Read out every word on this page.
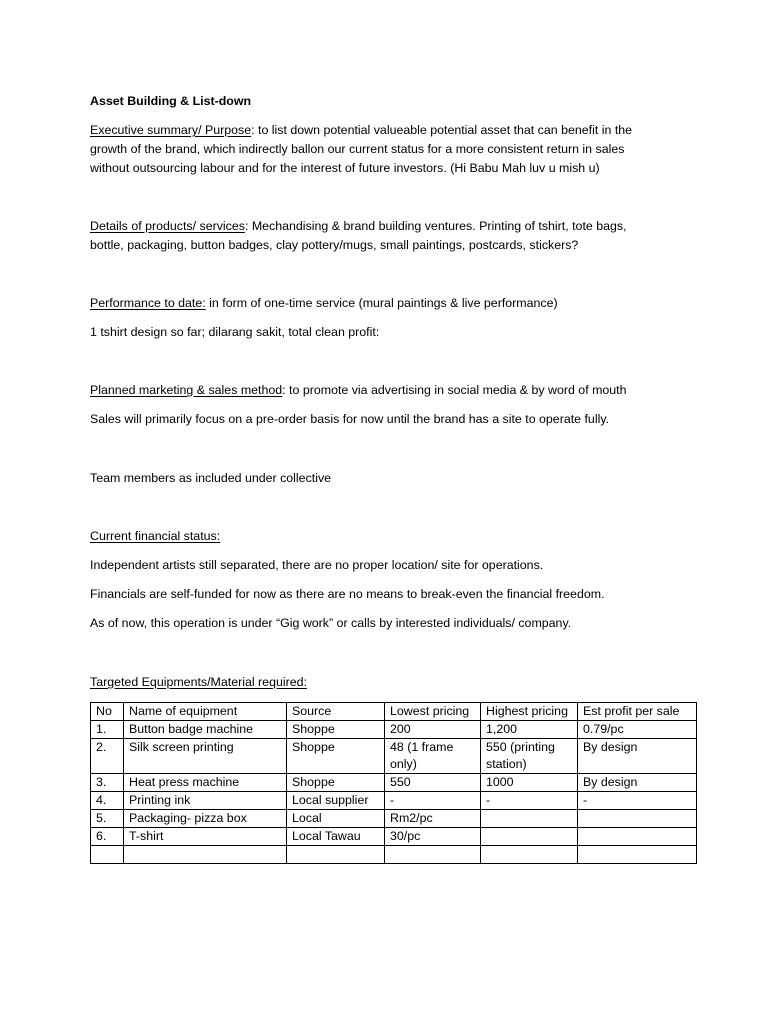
Asset Building & List-down
Executive summary/ Purpose: to list down potential valueable potential asset that can benefit in the
growth of the brand, which indirectly ballon our current status for a more consistent return in sales
without outsourcing labour and for the interest of future investors. (Hi Babu Mah luv u mish u)
Details of products/ services: Mechandising & brand building ventures. Printing of tshirt, tote bags,
bottle, packaging, button badges, clay pottery/mugs, small paintings, postcards, stickers?
Performance to date: in form of one-time service (mural paintings & live performance)
1 tshirt design so far; dilarang sakit, total clean profit:
Planned marketing & sales method: to promote via advertising in social media & by word of mouth
Sales will primarily focus on a pre-order basis for now until the brand has a site to operate fully.
Team members as included under collective
Current financial status:
Independent artists still separated, there are no proper location/ site for operations.
Financials are self-funded for now as there are no means to break-even the financial freedom.
As of now, this operation is under “Gig work” or calls by interested individuals/ company.
Targeted Equipments/Material required:
No	Name of equipment	Source	Lowest pricing	Highest pricing	Est profit per sale
1.	Button badge machine	Shoppe	200	1,200	0.79/pc
2.	Silk screen printing	Shoppe	48 (1 frame only)	550 (printing station)	By design
3.	Heat press machine	Shoppe	550	1000	By design
4.	Printing ink	Local supplier	-	-	-
5.	Packaging- pizza box	Local	Rm2/pc		
6.	T-shirt	Local Tawau	30/pc		
